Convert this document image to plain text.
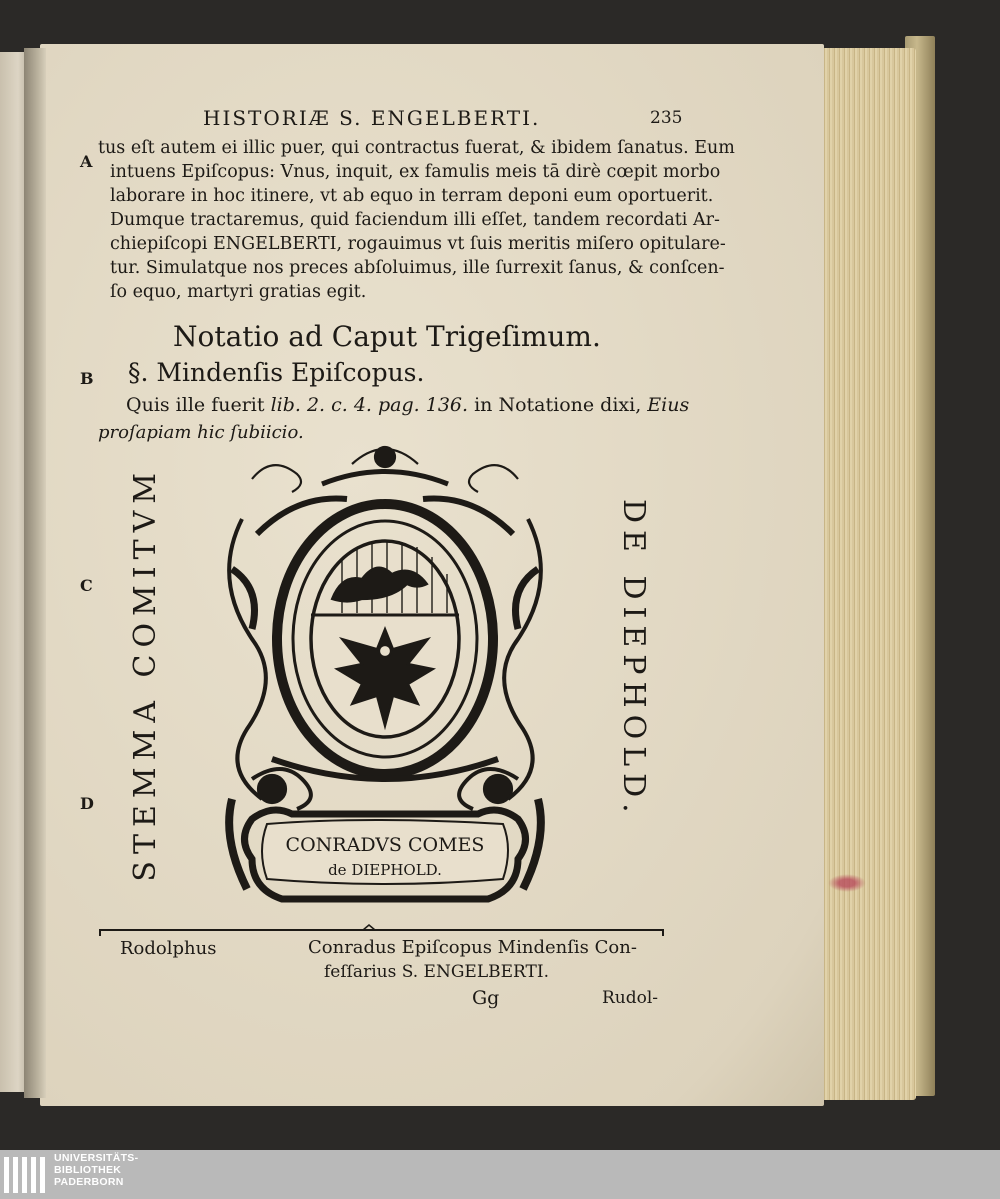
HISTORIÆ S. ENGELBERTI.	235
A
B
C
D
tus eſt autem ei illic puer, qui contractus fuerat, & ibidem ſanatus. Eum
intuens Epiſcopus: Vnus, inquit, ex famulis meis tā dirè cœpit morbo
laborare in hoc itinere, vt ab equo in terram deponi eum oportuerit.
Dumque tractaremus, quid faciendum illi eſſet, tandem recordati Ar-
chiepiſcopi ENGELBERTI, rogauimus vt ſuis meritis miſero opitulare-
tur. Simulatque nos preces abſoluimus, ille ſurrexit ſanus, & conſcen-
ſo equo, martyri gratias egit.
Notatio ad Caput Trigeſimum.
§. Mindenſis Epiſcopus.
Quis ille fuerit lib. 2. c. 4. pag. 136. in Notatione dixi, Eius
proſapiam hic ſubiicio.
STEMMA COMITVM	DE DIEPHOLD.
CONRADVS COMES
de DIEPHOLD.
Rodolphus	Conradus Epiſcopus Mindenſis Con-
feſſarius S. ENGELBERTI.
Gg	Rudol-
UNIVERSITÄTS-
BIBLIOTHEK
PADERBORN
